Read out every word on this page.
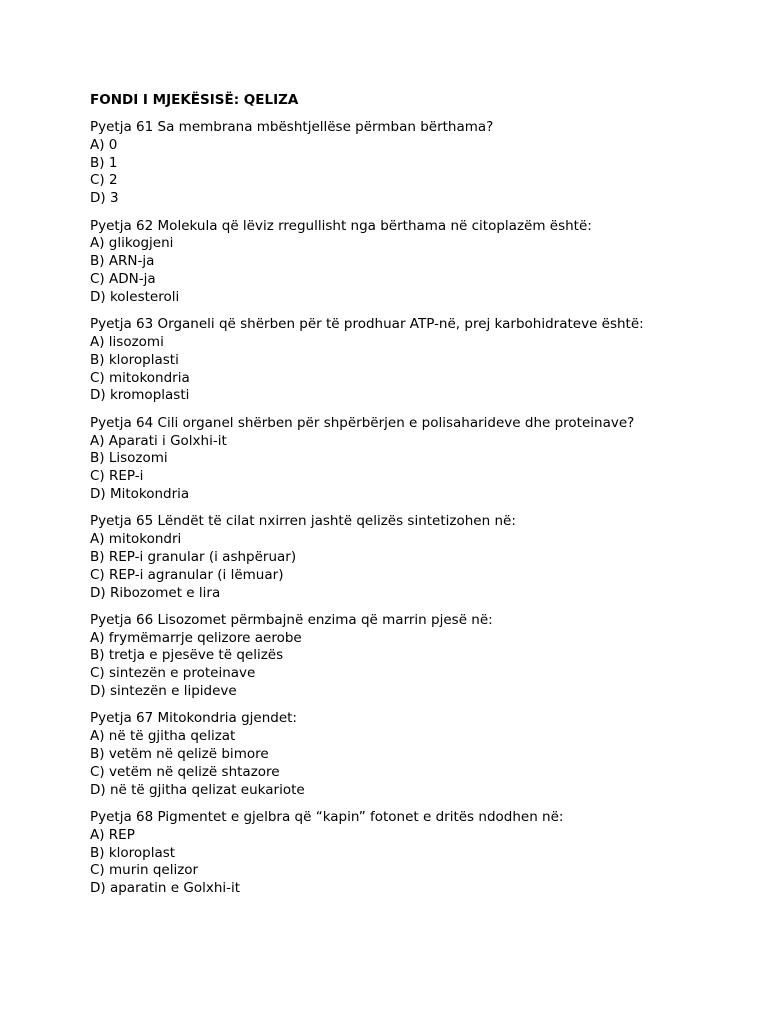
FONDI I MJEKËSISË: QELIZA
Pyetja 61 Sa membrana mbështjellëse përmban bërthama?
A) 0
B) 1
C) 2
D) 3
Pyetja 62 Molekula që lëviz rregullisht nga bërthama në citoplazëm është:
A) glikogjeni
B) ARN-ja
C) ADN-ja
D) kolesteroli
Pyetja 63 Organeli që shërben për të prodhuar ATP-në, prej karbohidrateve është:
A) lisozomi
B) kloroplasti
C) mitokondria
D) kromoplasti
Pyetja 64 Cili organel shërben për shpërbërjen e polisaharideve dhe proteinave?
A) Aparati i Golxhi-it
B) Lisozomi
C) REP-i
D) Mitokondria
Pyetja 65 Lëndët të cilat nxirren jashtë qelizës sintetizohen në:
A) mitokondri
B) REP-i granular (i ashpëruar)
C) REP-i agranular (i lëmuar)
D) Ribozomet e lira
Pyetja 66 Lisozomet përmbajnë enzima që marrin pjesë në:
A) frymëmarrje qelizore aerobe
B) tretja e pjesëve të qelizës
C) sintezën e proteinave
D) sintezën e lipideve
Pyetja 67 Mitokondria gjendet:
A) në të gjitha qelizat
B) vetëm në qelizë bimore
C) vetëm në qelizë shtazore
D) në të gjitha qelizat eukariote
Pyetja 68 Pigmentet e gjelbra që “kapin” fotonet e dritës ndodhen në:
A) REP
B) kloroplast
C) murin qelizor
D) aparatin e Golxhi-it
